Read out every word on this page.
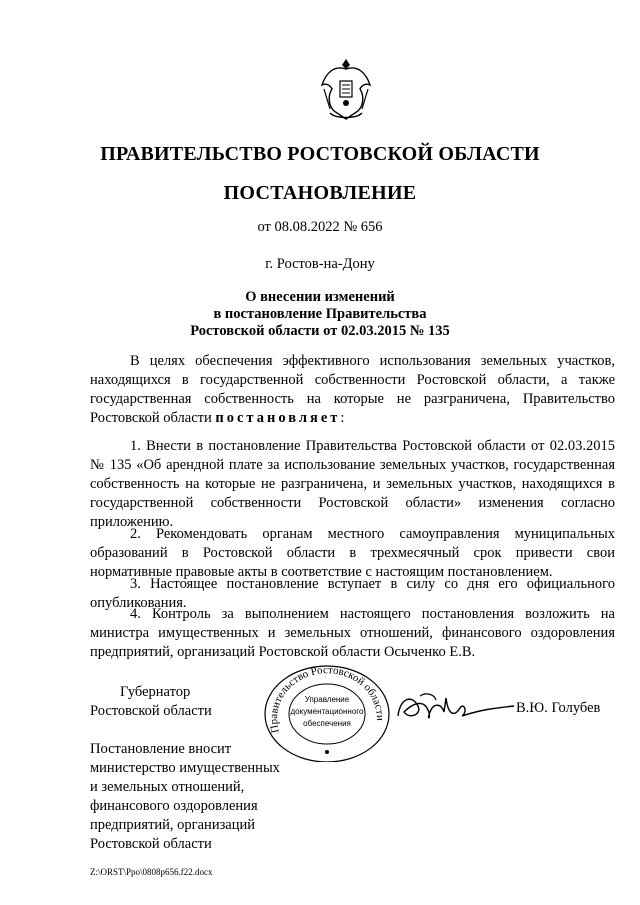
ПРАВИТЕЛЬСТВО РОСТОВСКОЙ ОБЛАСТИ
ПОСТАНОВЛЕНИЕ
от 08.08.2022 № 656
г. Ростов-на-Дону
О внесении изменений
в постановление Правительства
Ростовской области от 02.03.2015 № 135
В целях обеспечения эффективного использования земельных участков, находящихся в государственной собственности Ростовской области, а также государственная собственность на которые не разграничена, Правительство Ростовской области постановляет:
1. Внести в постановление Правительства Ростовской области от 02.03.2015 № 135 «Об арендной плате за использование земельных участков, государственная собственность на которые не разграничена, и земельных участков, находящихся в государственной собственности Ростовской области» изменения согласно приложению.
2. Рекомендовать органам местного самоуправления муниципальных образований в Ростовской области в трехмесячный срок привести свои нормативные правовые акты в соответствие с настоящим постановлением.
3. Настоящее постановление вступает в силу со дня его официального опубликования.
4. Контроль за выполнением настоящего постановления возложить на министра имущественных и земельных отношений, финансового оздоровления предприятий, организаций Ростовской области Осыченко Е.В.
Губернатор
Ростовской области
Правительство Ростовской области
Управление
документационного
обеспечения
В.Ю. Голубев
Постановление вносит
министерство имущественных
и земельных отношений,
финансового оздоровления
предприятий, организаций
Ростовской области
Z:\ORST\Ppo\0808p656.f22.docx
